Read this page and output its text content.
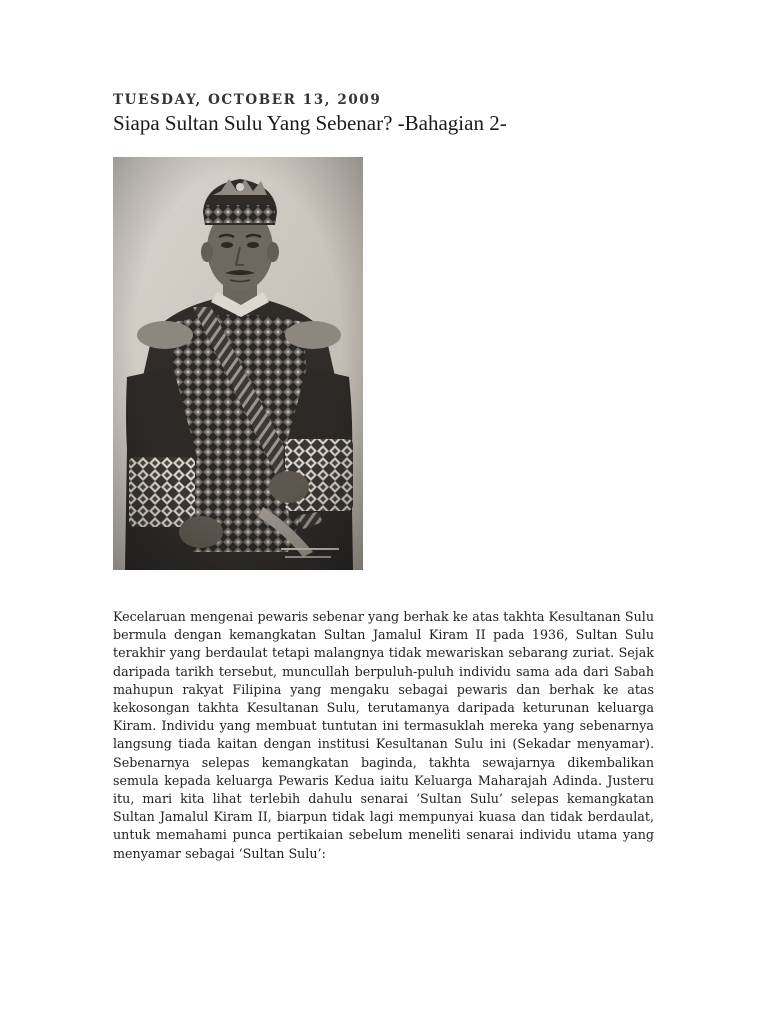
TUESDAY, OCTOBER 13, 2009
Siapa Sultan Sulu Yang Sebenar? -Bahagian 2-

Kecelaruan mengenai pewaris sebenar yang berhak ke atas takhta Kesultanan Sulu bermula dengan kemangkatan Sultan Jamalul Kiram II pada 1936, Sultan Sulu terakhir yang berdaulat tetapi malangnya tidak mewariskan sebarang zuriat. Sejak daripada tarikh tersebut, muncullah berpuluh-puluh individu sama ada dari Sabah mahupun rakyat Filipina yang mengaku sebagai pewaris dan berhak ke atas kekosongan takhta Kesultanan Sulu, terutamanya daripada keturunan keluarga Kiram. Individu yang membuat tuntutan ini termasuklah mereka yang sebenarnya langsung tiada kaitan dengan institusi Kesultanan Sulu ini (Sekadar menyamar). Sebenarnya selepas kemangkatan baginda, takhta sewajarnya dikembalikan semula kepada keluarga Pewaris Kedua iaitu Keluarga Maharajah Adinda. Justeru itu, mari kita lihat terlebih dahulu senarai ‘Sultan Sulu’ selepas kemangkatan Sultan Jamalul Kiram II, biarpun tidak lagi mempunyai kuasa dan tidak berdaulat, untuk memahami punca pertikaian sebelum meneliti senarai individu utama yang menyamar sebagai ‘Sultan Sulu’:
